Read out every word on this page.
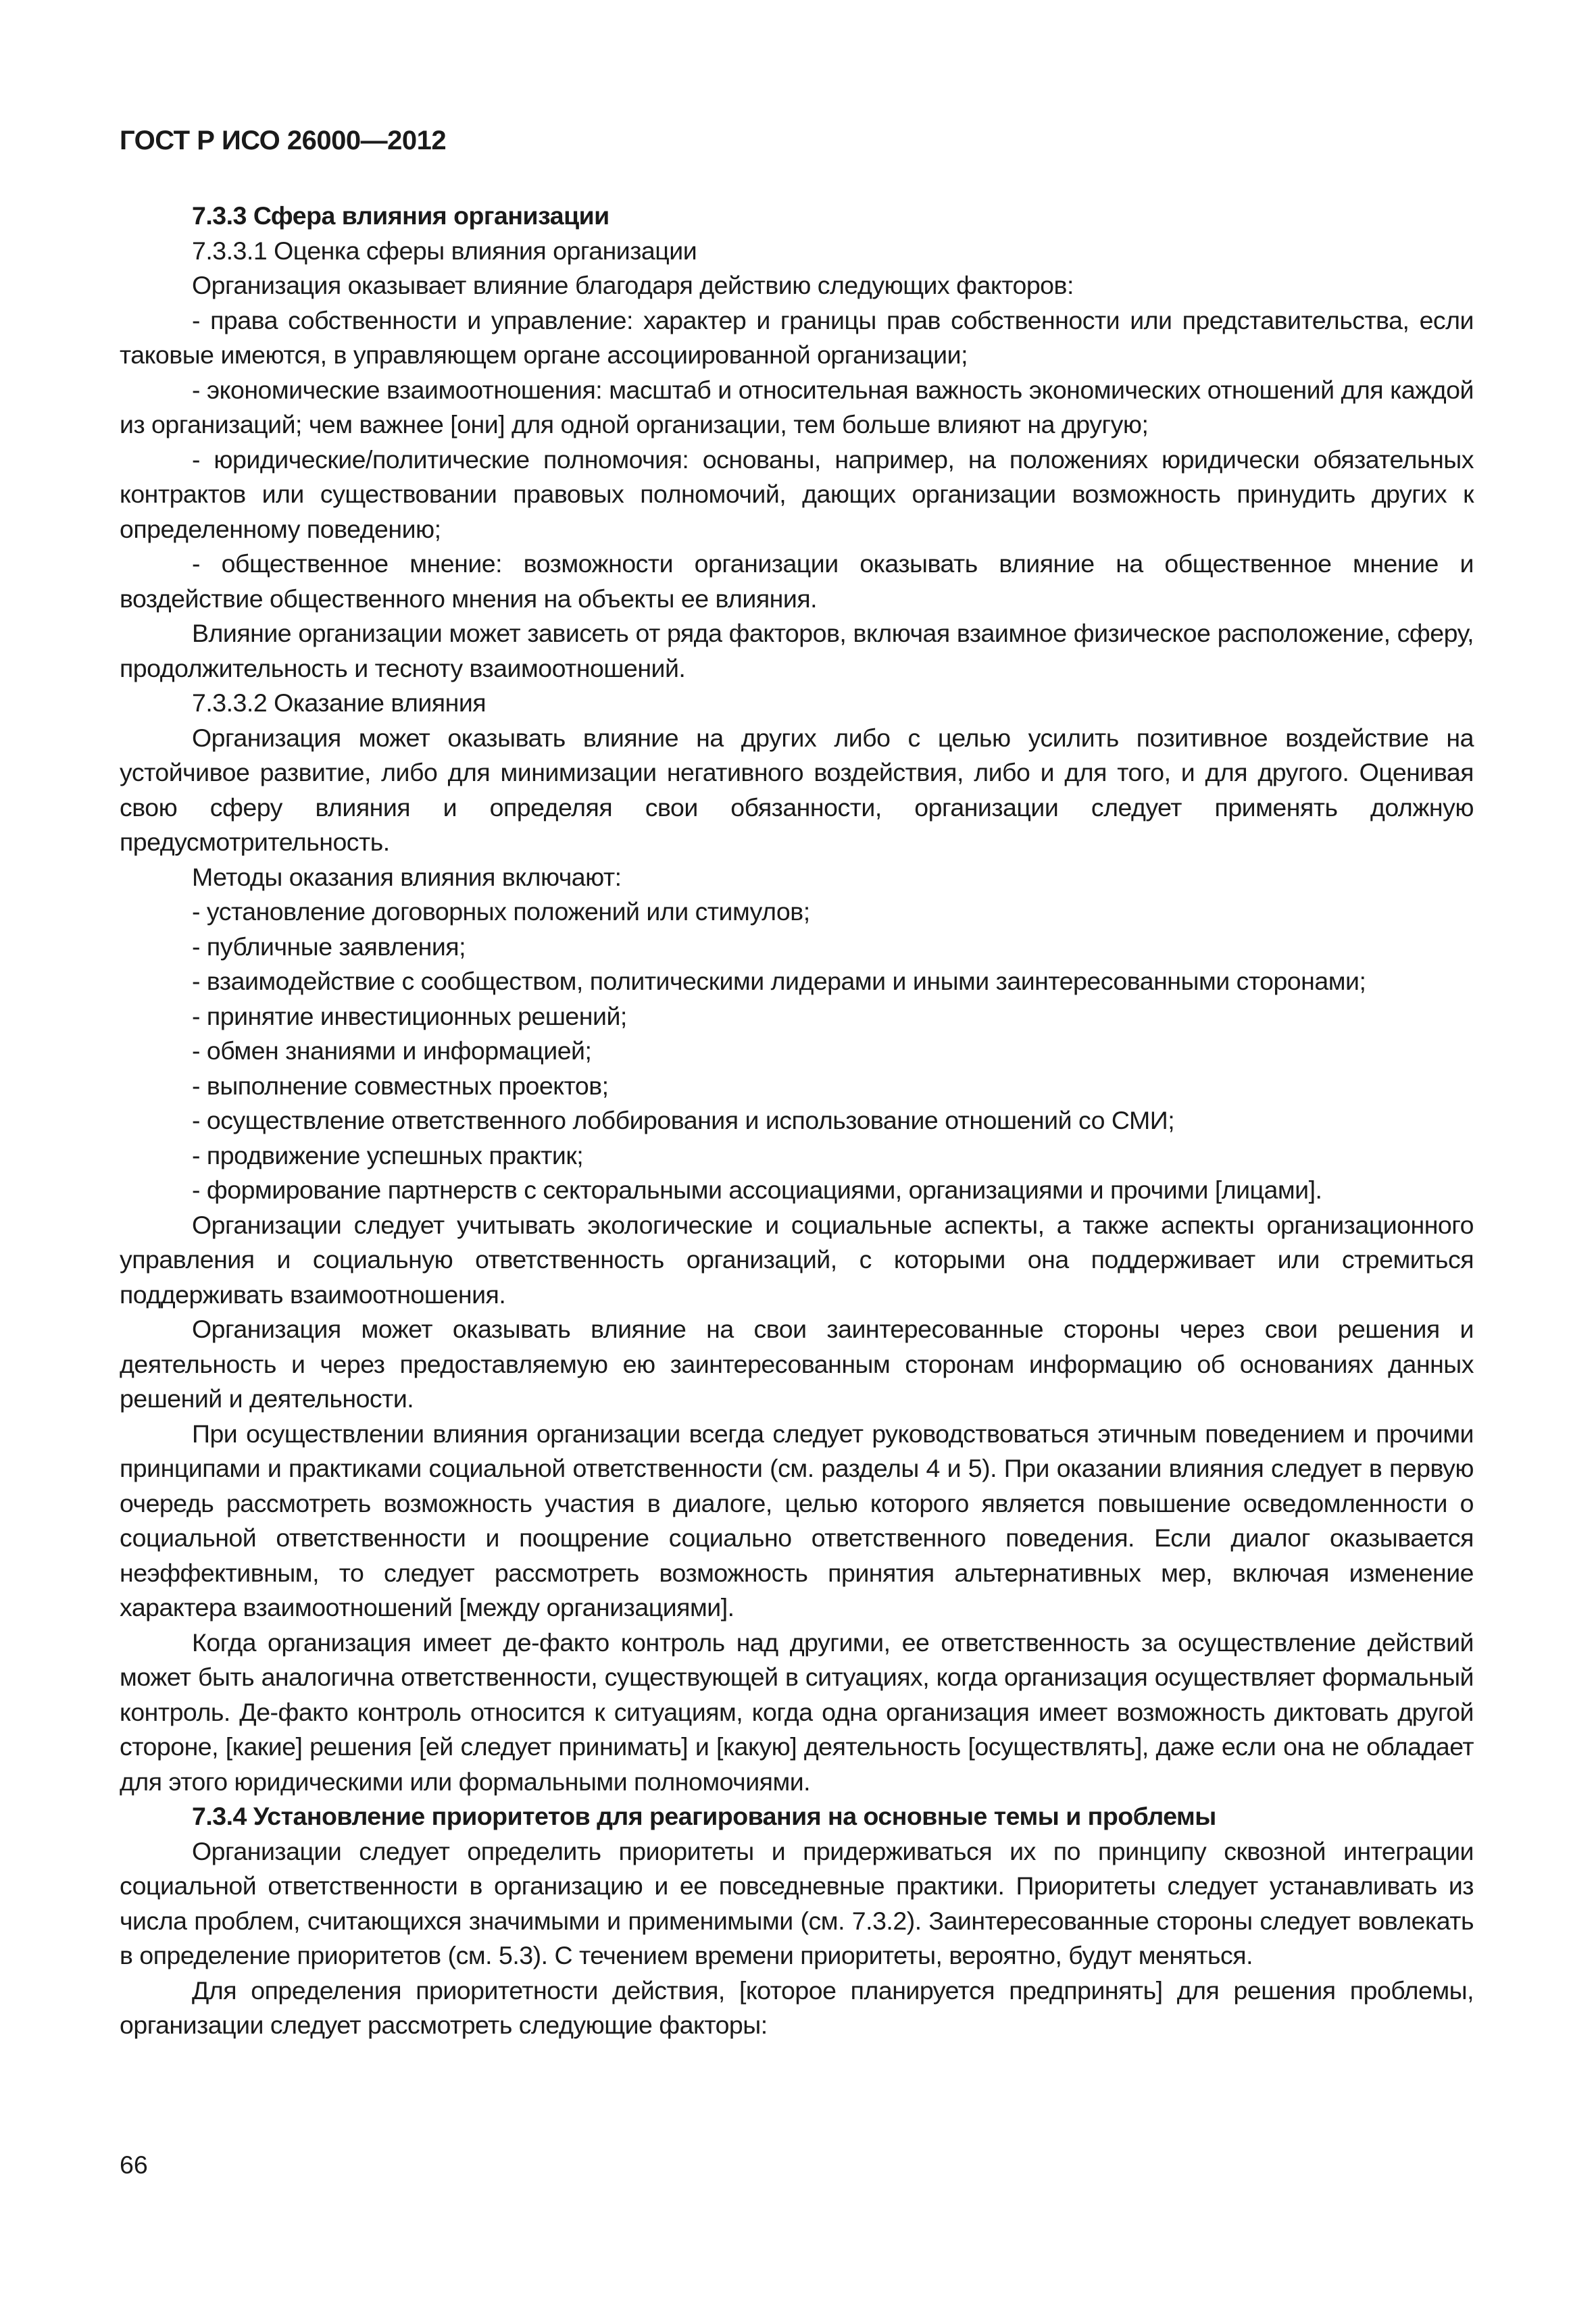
ГОСТ Р ИСО 26000—2012

7.3.3 Сфера влияния организации

7.3.3.1 Оценка сферы влияния организации

Организация оказывает влияние благодаря действию следующих факторов:

- права собственности и управление: характер и границы прав собственности или представительства, если таковые имеются, в управляющем органе ассоциированной организации;

- экономические взаимоотношения: масштаб и относительная важность экономических отношений для каждой из организаций; чем важнее [они] для одной организации, тем больше влияют на другую;

- юридические/политические полномочия: основаны, например, на положениях юридически обязательных контрактов или существовании правовых полномочий, дающих организации возможность принудить других к определенному поведению;

- общественное мнение: возможности организации оказывать влияние на общественное мнение и воздействие общественного мнения на объекты ее влияния.

Влияние организации может зависеть от ряда факторов, включая взаимное физическое расположение, сферу, продолжительность и тесноту взаимоотношений.

7.3.3.2 Оказание влияния

Организация может оказывать влияние на других либо с целью усилить позитивное воздействие на устойчивое развитие, либо для минимизации негативного воздействия, либо и для того, и для другого. Оценивая свою сферу влияния и определяя свои обязанности, организации следует применять должную предусмотрительность.

Методы оказания влияния включают:

- установление договорных положений или стимулов;

- публичные заявления;

- взаимодействие с сообществом, политическими лидерами и иными заинтересованными сторонами;

- принятие инвестиционных решений;

- обмен знаниями и информацией;

- выполнение совместных проектов;

- осуществление ответственного лоббирования и использование отношений со СМИ;

- продвижение успешных практик;

- формирование партнерств с секторальными ассоциациями, организациями и прочими [лицами].

Организации следует учитывать экологические и социальные аспекты, а также аспекты организационного управления и социальную ответственность организаций, с которыми она поддерживает или стремиться поддерживать взаимоотношения.

Организация может оказывать влияние на свои заинтересованные стороны через свои решения и деятельность и через предоставляемую ею заинтересованным сторонам информацию об основаниях данных решений и деятельности.

При осуществлении влияния организации всегда следует руководствоваться этичным поведением и прочими принципами и практиками социальной ответственности (см. разделы 4 и 5). При оказании влияния следует в первую очередь рассмотреть возможность участия в диалоге, целью которого является повышение осведомленности о социальной ответственности и поощрение социально ответственного поведения. Если диалог оказывается неэффективным, то следует рассмотреть возможность принятия альтернативных мер, включая изменение характера взаимоотношений [между организациями].

Когда организация имеет де-факто контроль над другими, ее ответственность за осуществление действий может быть аналогична ответственности, существующей в ситуациях, когда организация осуществляет формальный контроль. Де-факто контроль относится к ситуациям, когда одна организация имеет возможность диктовать другой стороне, [какие] решения [ей следует принимать] и [какую] деятельность [осуществлять], даже если она не обладает для этого юридическими или формальными полномочиями.

7.3.4 Установление приоритетов для реагирования на основные темы и проблемы

Организации следует определить приоритеты и придерживаться их по принципу сквозной интеграции социальной ответственности в организацию и ее повседневные практики. Приоритеты следует устанавливать из числа проблем, считающихся значимыми и применимыми (см. 7.3.2). Заинтересованные стороны следует вовлекать в определение приоритетов (см. 5.3). С течением времени приоритеты, вероятно, будут меняться.

Для определения приоритетности действия, [которое планируется предпринять] для решения проблемы, организации следует рассмотреть следующие факторы:

66
